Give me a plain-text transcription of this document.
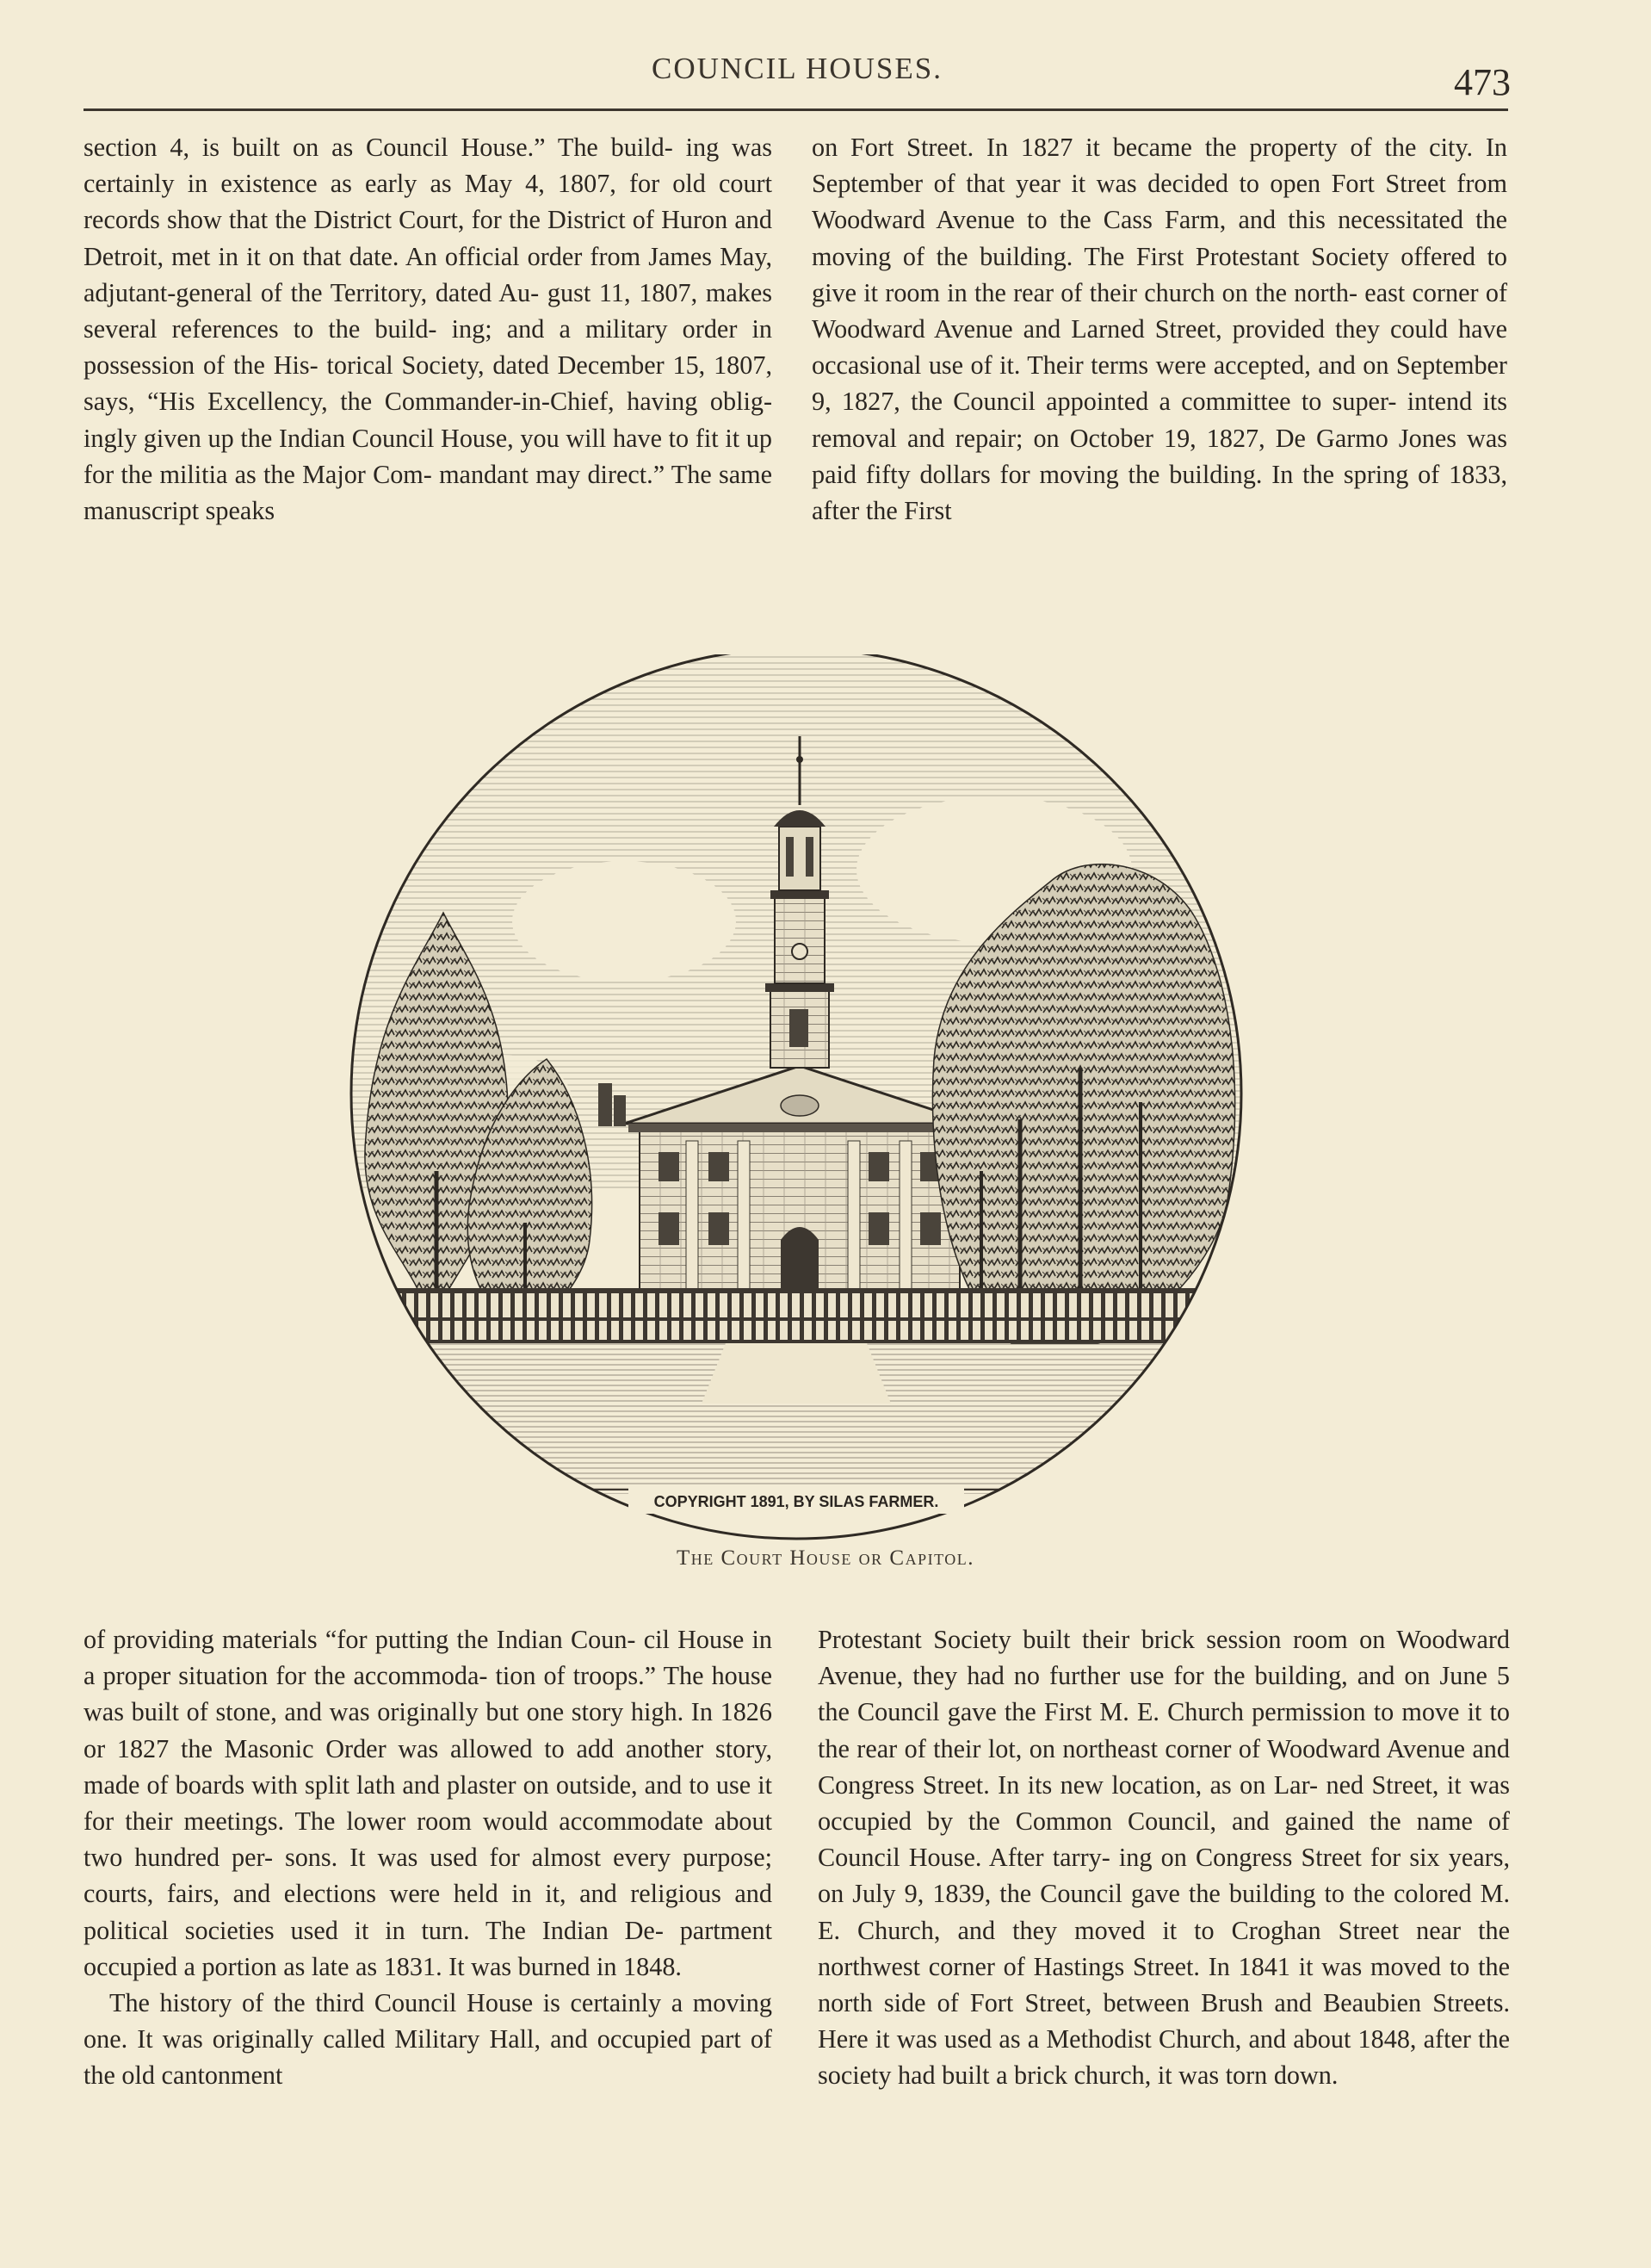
COUNCIL HOUSES.	473

section 4, is built on as Council House.” The build- ing was certainly in existence as early as May 4, 1807, for old court records show that the District Court, for the District of Huron and Detroit, met in it on that date. An official order from James May, adjutant-general of the Territory, dated Au- gust 11, 1807, makes several references to the build- ing; and a military order in possession of the His- torical Society, dated December 15, 1807, says, “His Excellency, the Commander-in-Chief, having oblig- ingly given up the Indian Council House, you will have to fit it up for the militia as the Major Com- mandant may direct.” The same manuscript speaks

on Fort Street. In 1827 it became the property of the city. In September of that year it was decided to open Fort Street from Woodward Avenue to the Cass Farm, and this necessitated the moving of the building. The First Protestant Society offered to give it room in the rear of their church on the north- east corner of Woodward Avenue and Larned Street, provided they could have occasional use of it. Their terms were accepted, and on September 9, 1827, the Council appointed a committee to super- intend its removal and repair; on October 19, 1827, De Garmo Jones was paid fifty dollars for moving the building. In the spring of 1833, after the First

COPYRIGHT 1891, BY SILAS FARMER.
The Court House or Capitol.

of providing materials “for putting the Indian Coun- cil House in a proper situation for the accommoda- tion of troops.” The house was built of stone, and was originally but one story high. In 1826 or 1827 the Masonic Order was allowed to add another story, made of boards with split lath and plaster on outside, and to use it for their meetings. The lower room would accommodate about two hundred per- sons. It was used for almost every purpose; courts, fairs, and elections were held in it, and religious and political societies used it in turn. The Indian De- partment occupied a portion as late as 1831. It was burned in 1848.

The history of the third Council House is certainly a moving one. It was originally called Military Hall, and occupied part of the old cantonment

Protestant Society built their brick session room on Woodward Avenue, they had no further use for the building, and on June 5 the Council gave the First M. E. Church permission to move it to the rear of their lot, on northeast corner of Woodward Avenue and Congress Street. In its new location, as on Lar- ned Street, it was occupied by the Common Council, and gained the name of Council House. After tarry- ing on Congress Street for six years, on July 9, 1839, the Council gave the building to the colored M. E. Church, and they moved it to Croghan Street near the northwest corner of Hastings Street. In 1841 it was moved to the north side of Fort Street, between Brush and Beaubien Streets. Here it was used as a Methodist Church, and about 1848, after the society had built a brick church, it was torn down.
